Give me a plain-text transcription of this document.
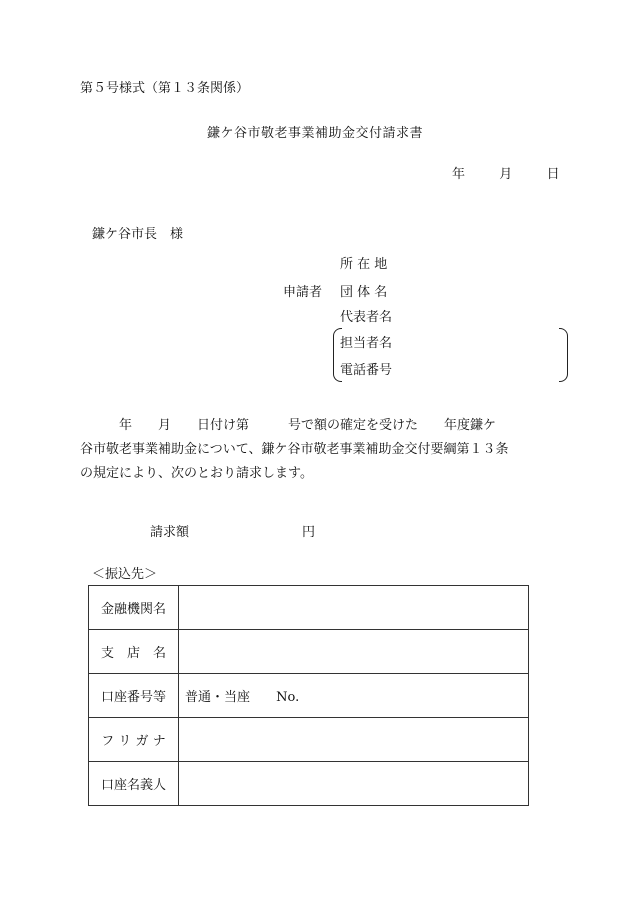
第５号様式（第１３条関係）
鎌ケ谷市敬老事業補助金交付請求書
年	月	日
鎌ケ谷市長　様
申請者
所 在 地
団 体 名
代表者名
担当者名
電話番号
　　　年　　月　　日付け第　　　号で額の確定を受けた　　年度鎌ケ
谷市敬老事業補助金について、鎌ケ谷市敬老事業補助金交付要綱第１３条
の規定により、次のとおり請求します。
請求額	円
＜振込先＞
金融機関名	
支　店　名	
口座番号等	普通・当座 No.
フ リ ガ ナ	
口座名義人	
